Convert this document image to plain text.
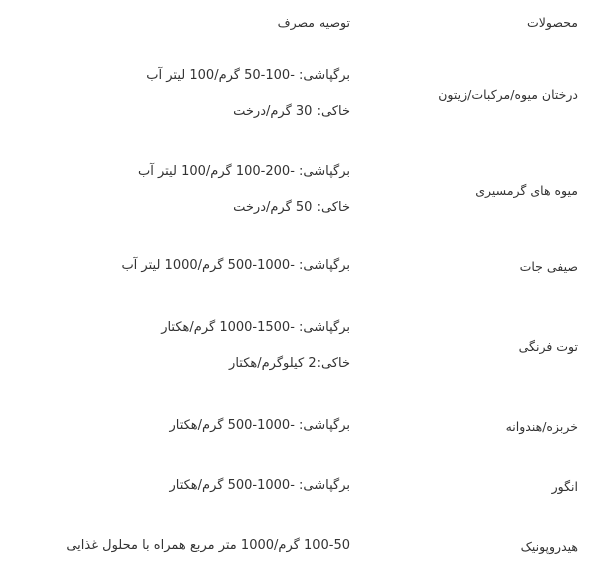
محصولات	توصیه مصرف
درختان میوه/مرکبات/زیتون	برگپاشی: -100-50 گرم/100 لیتر آب
خاکی: 30 گرم/درخت

میوه های گرمسیری	برگپاشی: -200-100 گرم/100 لیتر آب
خاکی: 50 گرم/درخت

صیفی جات	برگپاشی: -1000-500 گرم/1000 لیتر آب

توت فرنگی	برگپاشی: -1500-1000 گرم/هکتار
خاکی:2 کیلوگرم/هکتار

خربزه/هندوانه	برگپاشی: -1000-500 گرم/هکتار

انگور	برگپاشی: -1000-500 گرم/هکتار

هیدروپونیک	100-50 گرم/1000 متر مربع همراه با محلول غذایی
